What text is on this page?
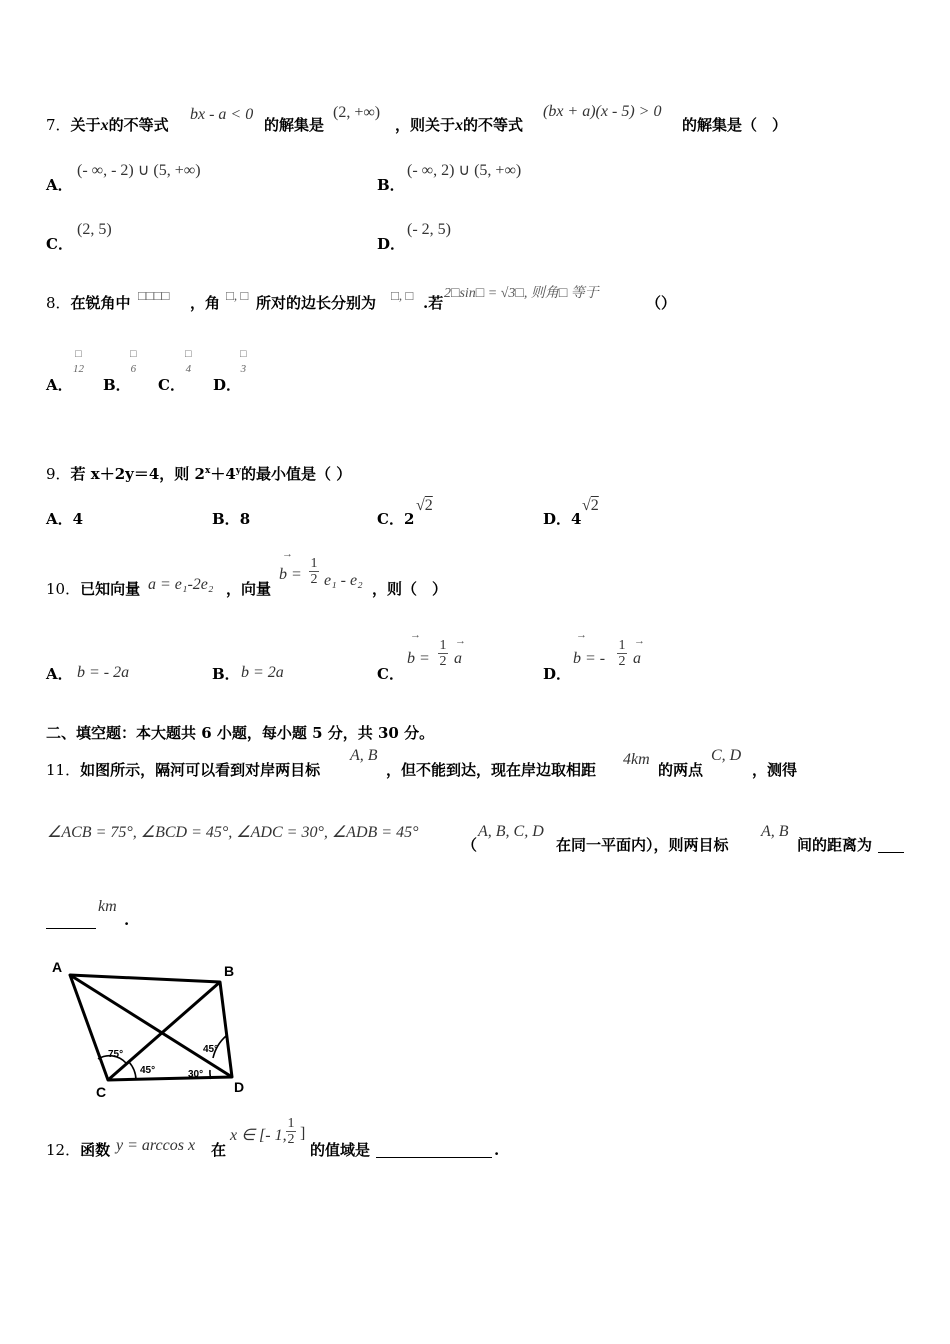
7．关于x的不等式
bx - a < 0
的解集是
(2, +∞)
，则关于x的不等式
(bx + a)(x - 5) > 0
的解集是（　）
A．
(- ∞, - 2) ∪ (5, +∞)
B．
(- ∞, 2) ∪ (5, +∞)
C．
(2, 5)
D．
(- 2, 5)
8．在锐角中 □□□□ ，角 □, □ 所对的边长分别为 □, □ .若
2□sin□ = √3□, 则角□ 等于
（）
A．
□
12
B．
□
6
C．
□
4
D．
□
3
9．若 x＋2y＝4，则 $2^x+4^y$的最小值是（ ）
A．4	B．8	C．2
√2
D．4
√2
10．已知向量 a = e₁-2e₂ ，向量
→
b =
1
2 e₁ - e₂ ，则（　）
A． b = - 2a	B． b = 2a	C．
→
b =
1
2
→
a
D．
→
b = -
1
2
→
a
二、填空题：本大题共 6 小题，每小题 5 分，共 30 分。
11．如图所示，隔河可以看到对岸两目标
A, B
，但不能到达，现在岸边取相距
4km
的两点
C, D
，测得
∠ACB = 75°, ∠BCD = 45°, ∠ADC = 30°, ∠ADB = 45°
（
A, B, C, D
在同一平面内），则两目标
A, B
间的距离为
km
.
A	B
C	D
75°
45°
45°
30°
12．函数 y = arccos x 在
x ∈ [- 1,
1
2 ]
的值域是	.
